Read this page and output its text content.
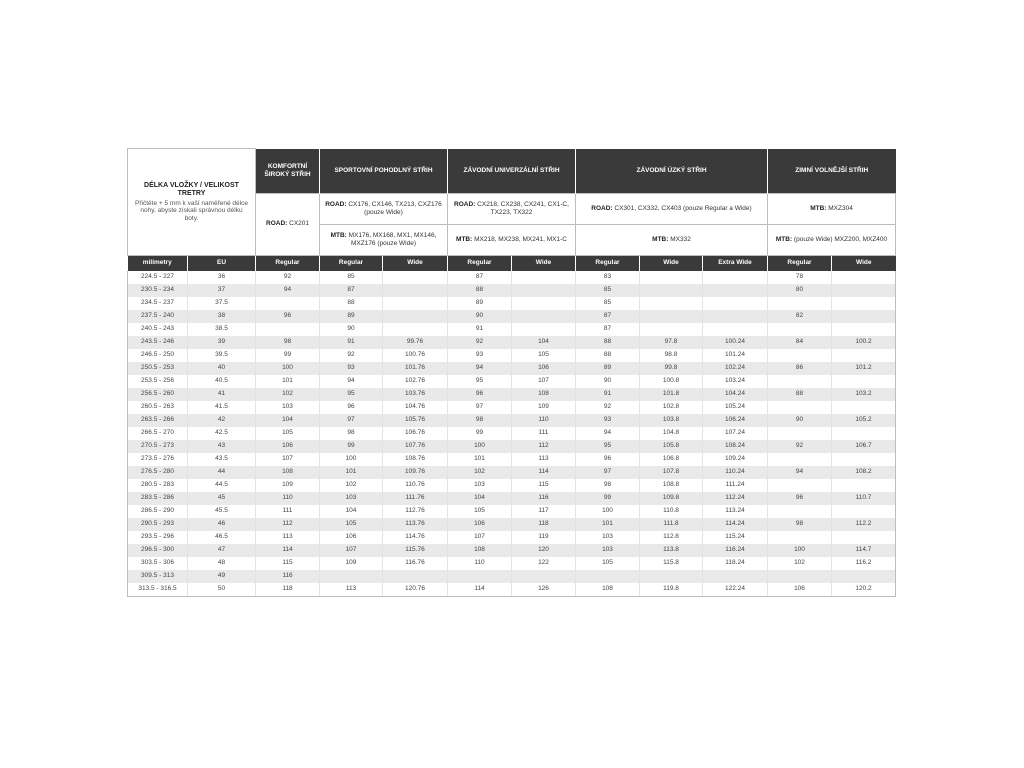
DÉLKA VLOŽKY / VELIKOST TRETRY
Přičtěte + 5 mm k vaší naměřené délce nohy, abyste získali správnou délku boty.		KOMFORTNÍ ŠIROKÝ STŘIH	SPORTOVNÍ POHODLNÝ STŘIH		ZÁVODNÍ UNIVERZÁLNÍ STŘIH		ZÁVODNÍ ÚZKÝ STŘIH			ZIMNÍ VOLNĚJŠÍ STŘIH	
		ROAD: CX201	ROAD: CX176, CX146, TX213, CXZ176 (pouze Wide)		ROAD: CX218, CX238, CX241, CX1-C, TX223, TX322		ROAD: CX301, CX332, CX403 (pouze Regular a Wide)			MTB: MXZ304	
			MTB: MX176, MX168, MX1, MX146, MXZ176 (pouze Wide)		MTB: MX218, MX238, MX241, MX1-C		MTB: MX332			MTB: (pouze Wide) MXZ200, MXZ400	
milimetry	EU	Regular	Regular	Wide	Regular	Wide	Regular	Wide	Extra Wide	Regular	Wide
224.5 - 227	36	92	85		87		83			78	
230.5 - 234	37	94	87		88		85			80	
234.5 - 237	37.5		88		89		85				
237.5 - 240	38	96	89		90		87			82	
240.5 - 243	38.5		90		91		87				
243.5 - 246	39	98	91	99.76	92	104	88	97.8	100.24	84	100.2
246.5 - 250	39.5	99	92	100.76	93	105	88	98.8	101.24		
250.5 - 253	40	100	93	101.76	94	106	89	99.8	102.24	86	101.2
253.5 - 256	40.5	101	94	102.76	95	107	90	100.8	103.24		
256.5 - 260	41	102	95	103.76	96	108	91	101.8	104.24	88	103.2
260.5 - 263	41.5	103	96	104.76	97	109	92	102.8	105.24		
263.5 - 266	42	104	97	105.76	98	110	93	103.8	106.24	90	105.2
266.5 - 270	42.5	105	98	106.76	99	111	94	104.8	107.24		
270.5 - 273	43	106	99	107.76	100	112	95	105.8	108.24	92	106.7
273.5 - 276	43.5	107	100	108.76	101	113	96	106.8	109.24		
276.5 - 280	44	108	101	109.76	102	114	97	107.8	110.24	94	108.2
280.5 - 283	44.5	109	102	110.76	103	115	98	108.8	111.24		
283.5 - 286	45	110	103	111.76	104	116	99	109.8	112.24	96	110.7
286.5 - 290	45.5	111	104	112.76	105	117	100	110.8	113.24		
290.5 - 293	46	112	105	113.76	106	118	101	111.8	114.24	98	112.2
293.5 - 296	46.5	113	106	114.76	107	119	103	112.8	115.24		
296.5 - 300	47	114	107	115.76	108	120	103	113.8	116.24	100	114.7
303.5 - 306	48	115	109	116.76	110	122	105	115.8	118.24	102	116.2
309.5 - 313	49	116									
313.5 - 316.5	50	118	113	120.76	114	126	108	119.8	122.24	106	120.2
